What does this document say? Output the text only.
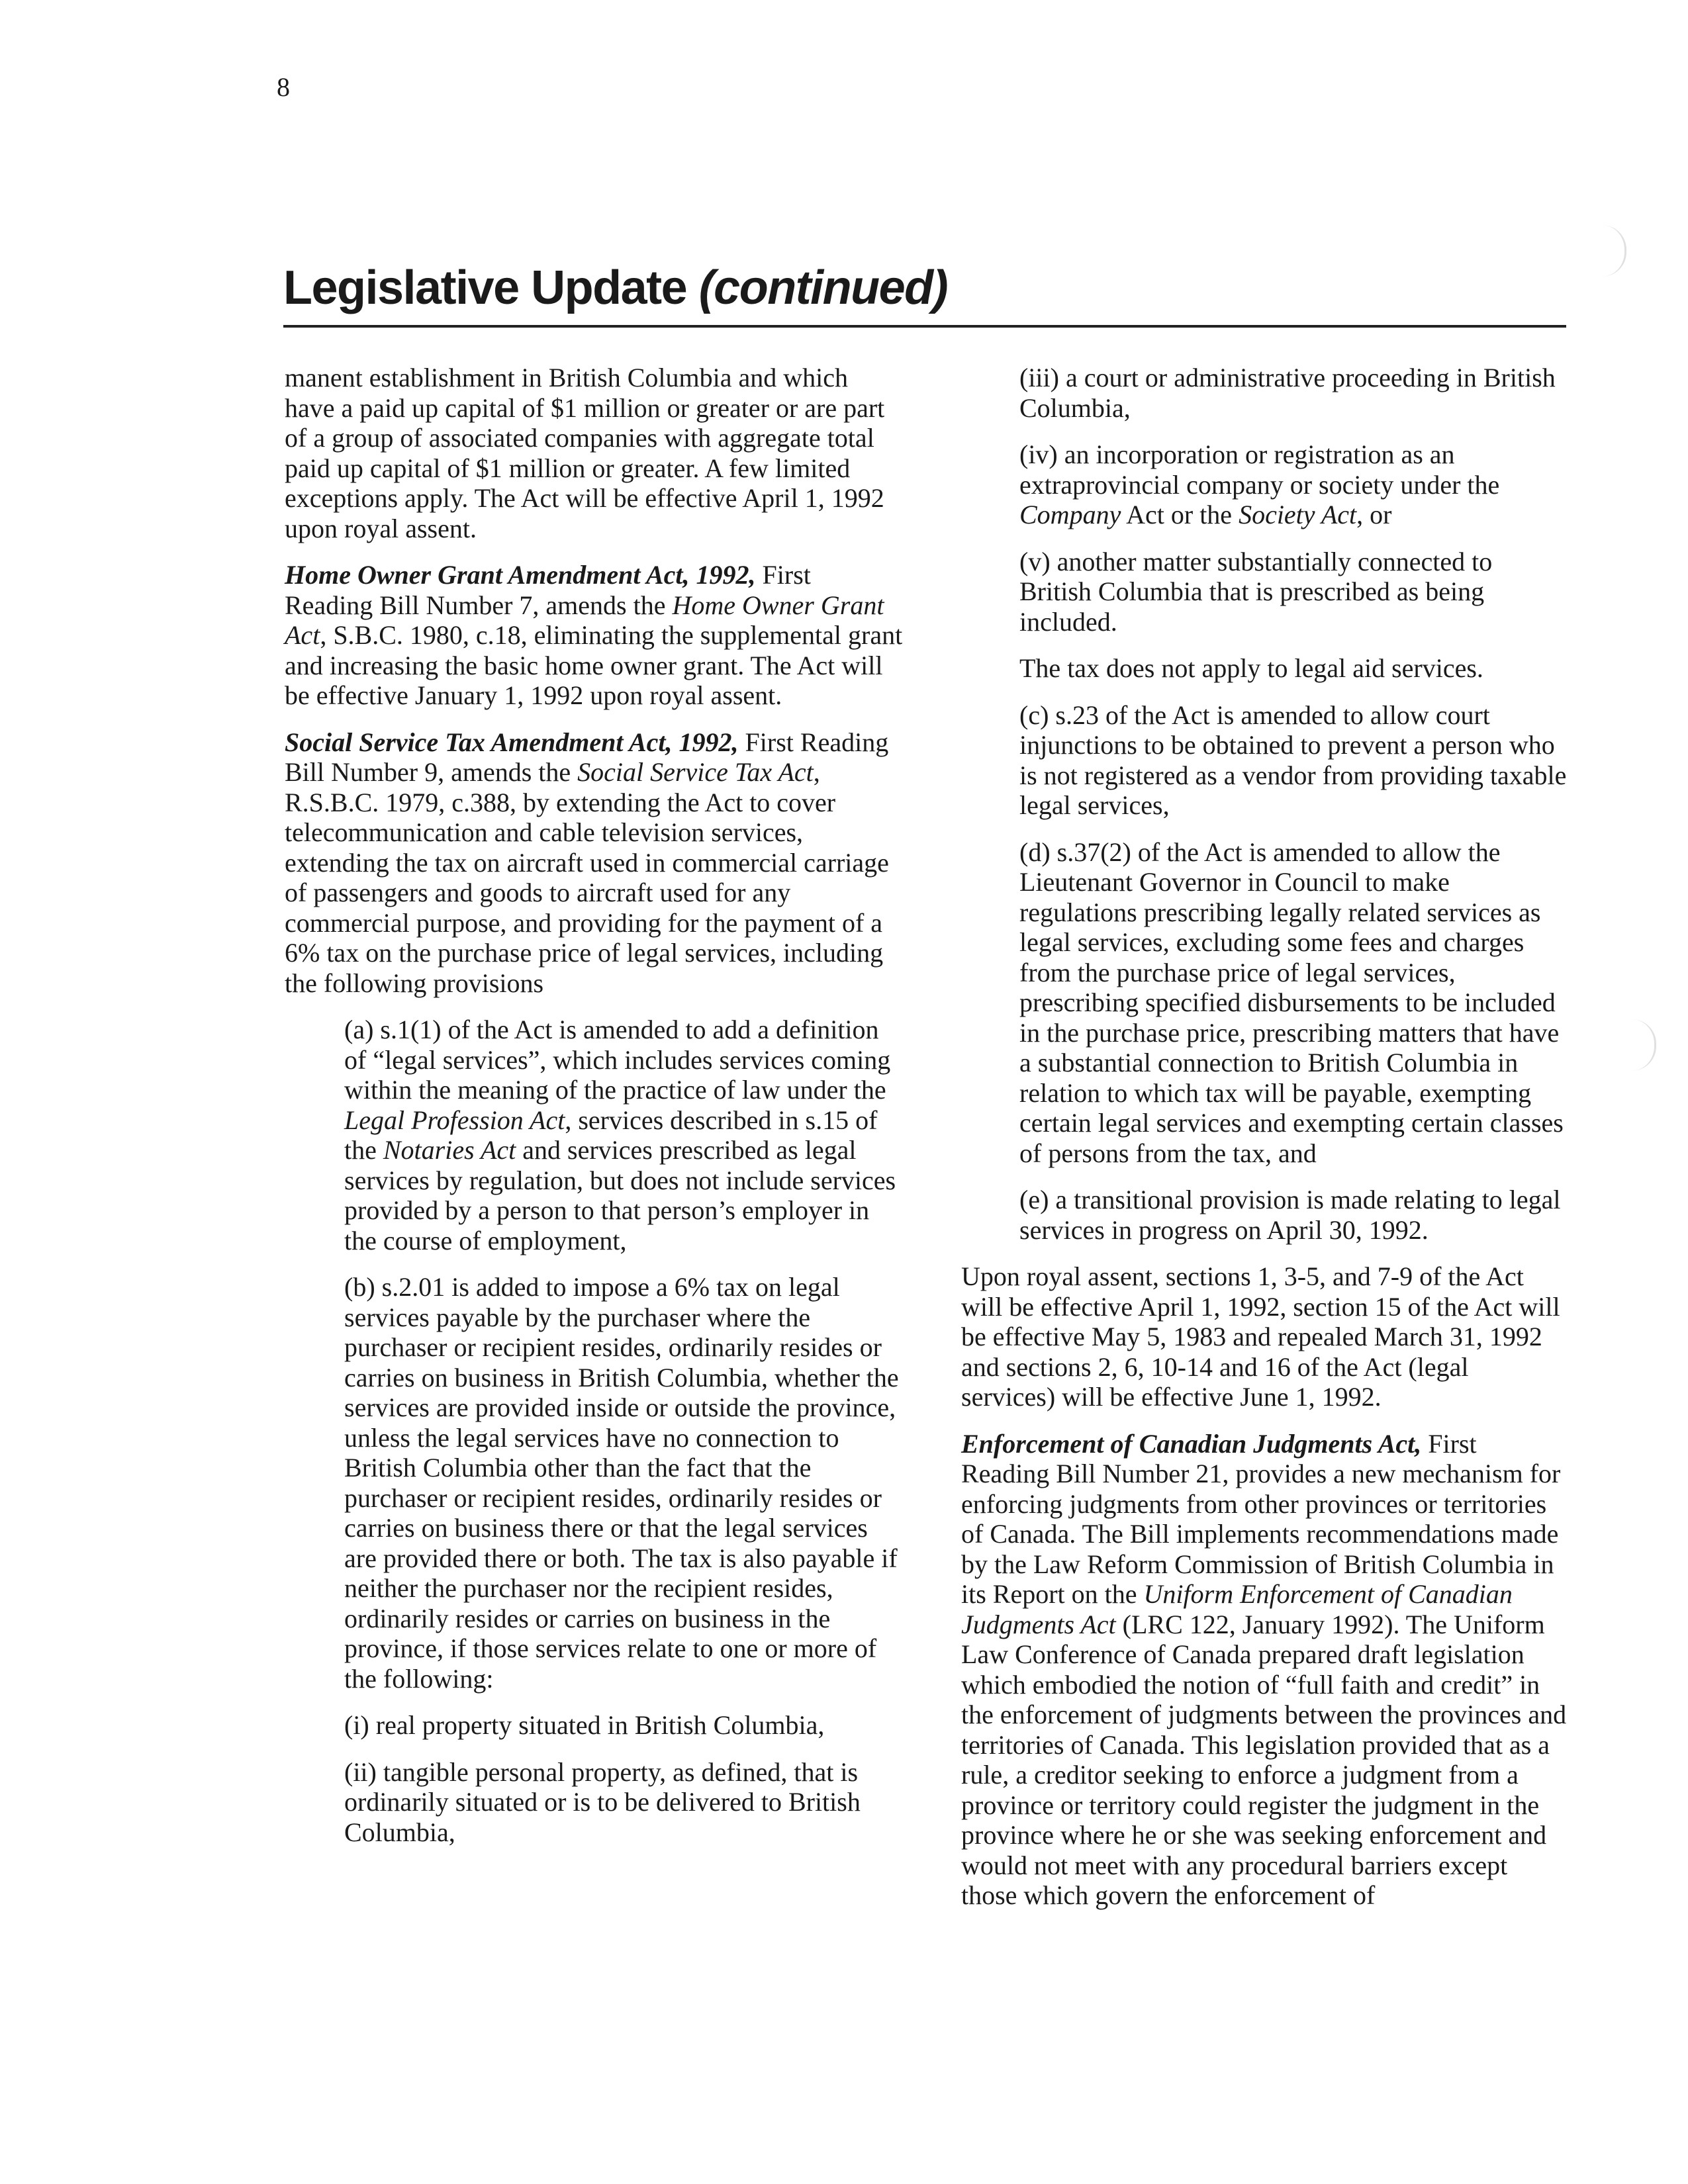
8
Legislative Update (continued)

manent establishment in British Columbia and which have a paid up capital of $1 million or greater or are part of a group of associated companies with aggregate total paid up capital of $1 million or greater. A few limited exceptions apply. The Act will be effective April 1, 1992 upon royal assent.

Home Owner Grant Amendment Act, 1992, First Reading Bill Number 7, amends the Home Owner Grant Act, S.B.C. 1980, c.18, eliminating the supplemental grant and increasing the basic home owner grant. The Act will be effective January 1, 1992 upon royal assent.

Social Service Tax Amendment Act, 1992, First Reading Bill Number 9, amends the Social Service Tax Act, R.S.B.C. 1979, c.388, by extending the Act to cover telecommunication and cable television services, extending the tax on aircraft used in commercial carriage of passengers and goods to aircraft used for any commercial purpose, and providing for the payment of a 6% tax on the purchase price of legal services, including the following provisions

(a) s.1(1) of the Act is amended to add a definition of “legal services”, which includes services coming within the meaning of the practice of law under the Legal Profession Act, services described in s.15 of the Notaries Act and services prescribed as legal services by regulation, but does not include services provided by a person to that person’s employer in the course of employment,

(b) s.2.01 is added to impose a 6% tax on legal services payable by the purchaser where the purchaser or recipient resides, ordinarily resides or carries on business in British Columbia, whether the services are provided inside or outside the province, unless the legal services have no connection to British Columbia other than the fact that the purchaser or recipient resides, ordinarily resides or carries on business there or that the legal services are provided there or both. The tax is also payable if neither the purchaser nor the recipient resides, ordinarily resides or carries on business in the province, if those services relate to one or more of the following:

(i) real property situated in British Columbia,

(ii) tangible personal property, as defined, that is ordinarily situated or is to be delivered to British Columbia,

(iii) a court or administrative proceeding in British Columbia,

(iv) an incorporation or registration as an extraprovincial company or society under the Company Act or the Society Act, or

(v) another matter substantially connected to British Columbia that is prescribed as being included.

The tax does not apply to legal aid services.

(c) s.23 of the Act is amended to allow court injunctions to be obtained to prevent a person who is not registered as a vendor from providing taxable legal services,

(d) s.37(2) of the Act is amended to allow the Lieutenant Governor in Council to make regulations prescribing legally related services as legal services, excluding some fees and charges from the purchase price of legal services, prescribing specified disbursements to be included in the purchase price, prescribing matters that have a substantial connection to British Columbia in relation to which tax will be payable, exempting certain legal services and exempting certain classes of persons from the tax, and

(e) a transitional provision is made relating to legal services in progress on April 30, 1992.

Upon royal assent, sections 1, 3-5, and 7-9 of the Act will be effective April 1, 1992, section 15 of the Act will be effective May 5, 1983 and repealed March 31, 1992 and sections 2, 6, 10-14 and 16 of the Act (legal services) will be effective June 1, 1992.

Enforcement of Canadian Judgments Act, First Reading Bill Number 21, provides a new mechanism for enforcing judgments from other provinces or territories of Canada. The Bill implements recommendations made by the Law Reform Commission of British Columbia in its Report on the Uniform Enforcement of Canadian Judgments Act (LRC 122, January 1992). The Uniform Law Conference of Canada prepared draft legislation which embodied the notion of “full faith and credit” in the enforcement of judgments between the provinces and territories of Canada. This legislation provided that as a rule, a creditor seeking to enforce a judgment from a province or territory could register the judgment in the province where he or she was seeking enforcement and would not meet with any procedural barriers except those which govern the enforcement of
